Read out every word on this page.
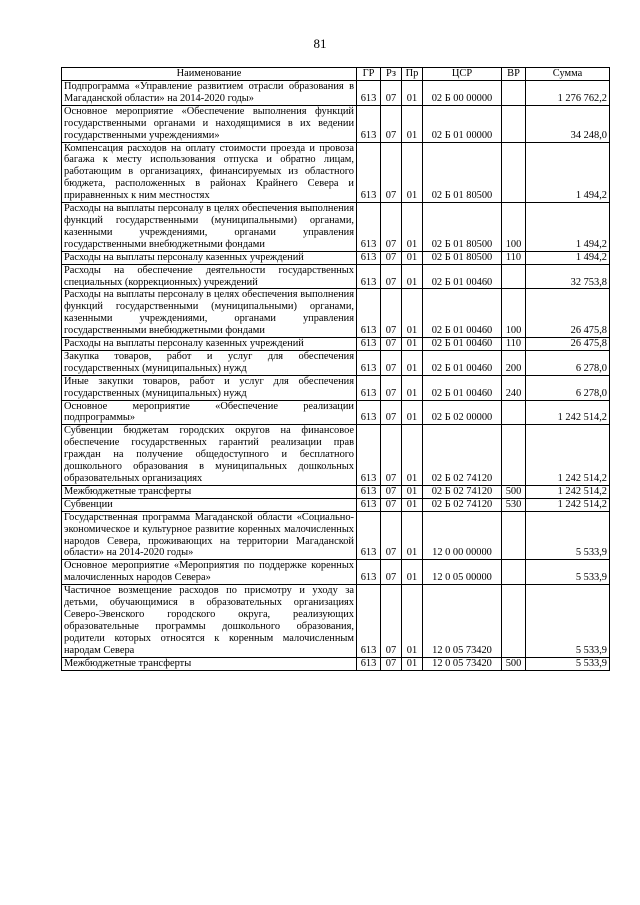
81
Наименование	ГР	Рз	Пр	ЦСР	ВР	Сумма
Подпрограмма «Управление развитием отрасли образования в Магаданской области» на 2014-2020 годы»	613	07	01	02 Б 00 00000		1 276 762,2
Основное мероприятие «Обеспечение выполнения функций государственными органами и находящимися в их ведении государственными учреждениями»	613	07	01	02 Б 01 00000		34 248,0
Компенсация расходов на оплату стоимости проезда и провоза багажа к месту использования отпуска и обратно лицам, работающим в организациях, финансируемых из областного бюджета, расположенных в районах Крайнего Севера и приравненных к ним местностях	613	07	01	02 Б 01 80500		1 494,2
Расходы на выплаты персоналу в целях обеспечения выполнения функций государственными (муниципальными) органами, казенными учреждениями, органами управления государственными внебюджетными фондами	613	07	01	02 Б 01 80500	100	1 494,2
Расходы на выплаты персоналу казенных учреждений	613	07	01	02 Б 01 80500	110	1 494,2
Расходы на обеспечение деятельности государственных специальных (коррекционных) учреждений	613	07	01	02 Б 01 00460		32 753,8
Расходы на выплаты персоналу в целях обеспечения выполнения функций государственными (муниципальными) органами, казенными учреждениями, органами управления государственными внебюджетными фондами	613	07	01	02 Б 01 00460	100	26 475,8
Расходы на выплаты персоналу казенных учреждений	613	07	01	02 Б 01 00460	110	26 475,8
Закупка товаров, работ и услуг для обеспечения государственных (муниципальных) нужд	613	07	01	02 Б 01 00460	200	6 278,0
Иные закупки товаров, работ и услуг для обеспечения государственных (муниципальных) нужд	613	07	01	02 Б 01 00460	240	6 278,0
Основное мероприятие «Обеспечение реализации подпрограммы»	613	07	01	02 Б 02 00000		1 242 514,2
Субвенции бюджетам городских округов на финансовое обеспечение государственных гарантий реализации прав граждан на получение общедоступного и бесплатного дошкольного образования в муниципальных дошкольных образовательных организациях	613	07	01	02 Б 02 74120		1 242 514,2
Межбюджетные трансферты	613	07	01	02 Б 02 74120	500	1 242 514,2
Субвенции	613	07	01	02 Б 02 74120	530	1 242 514,2
Государственная программа Магаданской области «Социально-экономическое и культурное развитие коренных малочисленных народов Севера, проживающих на территории Магаданской области» на 2014-2020 годы»	613	07	01	12 0 00 00000		5 533,9
Основное мероприятие «Мероприятия по поддержке коренных малочисленных народов Севера»	613	07	01	12 0 05 00000		5 533,9
Частичное возмещение расходов по присмотру и уходу за детьми, обучающимися в образовательных организациях Северо-Эвенского городского округа, реализующих образовательные программы дошкольного образования, родители которых относятся к коренным малочисленным народам Севера	613	07	01	12 0 05 73420		5 533,9
Межбюджетные трансферты	613	07	01	12 0 05 73420	500	5 533,9
